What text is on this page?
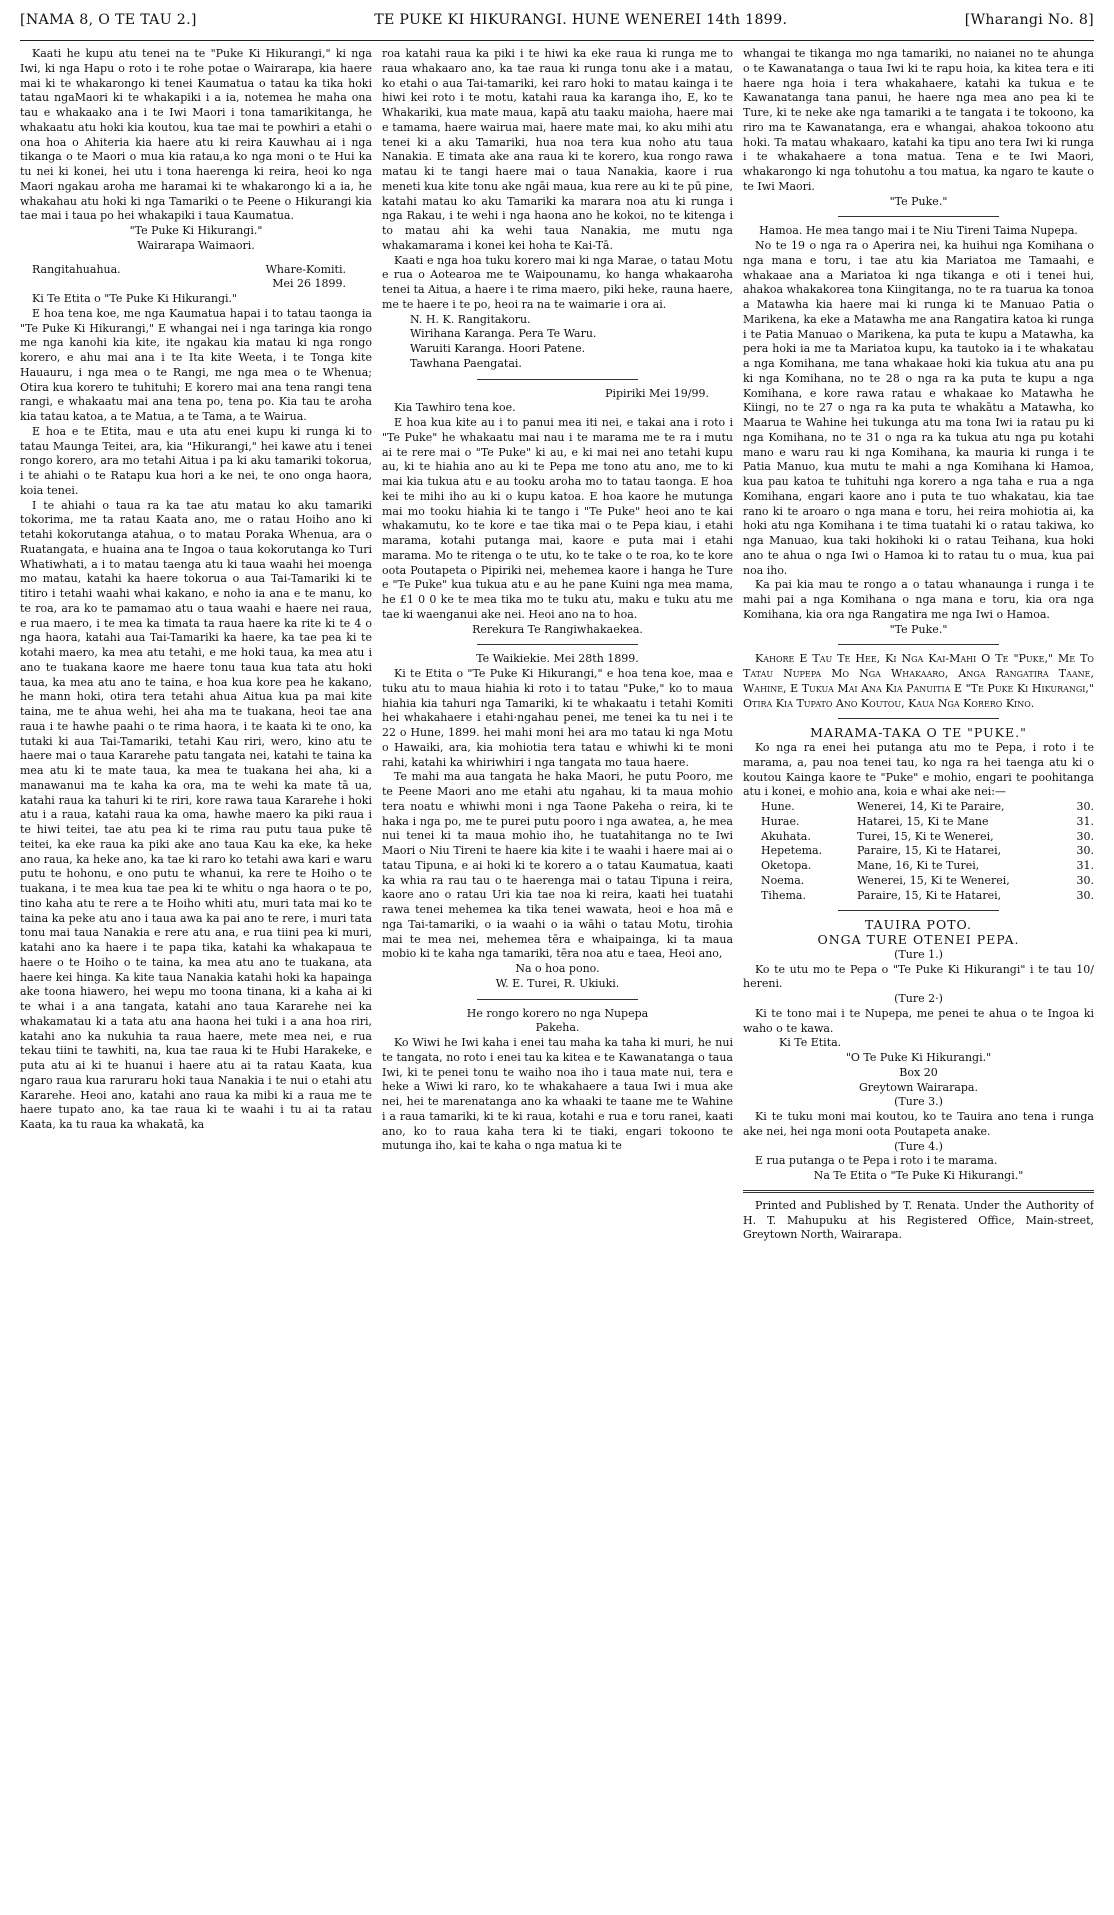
[NAMA 8, O TE TAU 2.]	TE PUKE KI HIKURANGI. HUNE WENEREI 14th 1899.	[Wharangi No. 8]

Kaati he kupu atu tenei na te "Puke Ki Hikurangi," ki nga Iwi, ki nga Hapu o roto i te rohe potae o Wairarapa, kia haere mai ki te whakarongo ki tenei Kaumatua o tatau ka tika hoki tatau ngaMaori ki te whakapiki i a ia, notemea he maha ona tau e whakaako ana i te Iwi Maori i tona tamarikitanga, he whakaatu atu hoki kia koutou, kua tae mai te powhiri a etahi o ona hoa o Ahiteria kia haere atu ki reira Kauwhau ai i nga tikanga o te Maori o mua kia ratau,a ko nga moni o te Hui ka tu nei ki konei, hei utu i tona haerenga ki reira, heoi ko nga Maori ngakau aroha me haramai ki te whakarongo ki a ia, he whakahau atu hoki ki nga Tamariki o te Peene o Hikurangi kia tae mai i taua po hei whakapiki i taua Kaumatua.

"Te Puke Ki Hikurangi."

Wairarapa Waimaori.

Rangitahuahua.	Whare-Komiti.

Mei 26 1899.

Ki Te Etita o "Te Puke Ki Hikurangi."

E hoa tena koe, me nga Kaumatua hapai i to tatau taonga ia "Te Puke Ki Hikurangi," E whangai nei i nga taringa kia rongo me nga kanohi kia kite, ite ngakau kia matau ki nga rongo korero, e ahu mai ana i te Ita kite Weeta, i te Tonga kite Hauauru, i nga mea o te Rangi, me nga mea o te Whenua; Otira kua korero te tuhituhi; E korero mai ana tena rangi tena rangi, e whakaatu mai ana tena po, tena po. Kia tau te aroha kia tatau katoa, a te Matua, a te Tama, a te Wairua.

E hoa e te Etita, mau e uta atu enei kupu ki runga ki to tatau Maunga Teitei, ara, kia "Hikurangi," hei kawe atu i tenei rongo korero, ara mo tetahi Aitua i pa ki aku tamariki tokorua, i te ahiahi o te Ratapu kua hori a ke nei, te ono onga haora, koia tenei.

I te ahiahi o taua ra ka tae atu matau ko aku tamariki tokorima, me ta ratau Kaata ano, me o ratau Hoiho ano ki tetahi kokorutanga atahua, o to matau Poraka Whenua, ara o Ruatangata, e huaina ana te Ingoa o taua kokorutanga ko Turi Whatiwhati, a i to matau taenga atu ki taua waahi hei moenga mo matau, katahi ka haere tokorua o aua Tai-Tamariki ki te titiro i tetahi waahi whai kakano, e noho ia ana e te manu, ko te roa, ara ko te pamamao atu o taua waahi e haere nei raua, e rua maero, i te mea ka timata ta raua haere ka rite ki te 4 o nga haora, katahi aua Tai-Tamariki ka haere, ka tae pea ki te kotahi maero, ka mea atu tetahi, e me hoki taua, ka mea atu i ano te tuakana kaore me haere tonu taua kua tata atu hoki taua, ka mea atu ano te taina, e hoa kua kore pea he kakano, he mann hoki, otira tera tetahi ahua Aitua kua pa mai kite taina, me te ahua wehi, hei aha ma te tuakana, heoi tae ana raua i te hawhe paahi o te rima haora, i te kaata ki te ono, ka tutaki ki aua Tai-Tamariki, tetahi Kau riri, wero, kino atu te haere mai o taua Kararehe patu tangata nei, katahi te taina ka mea atu ki te mate taua, ka mea te tuakana hei aha, ki a manawanui ma te kaha ka ora, ma te wehi ka mate tā ua, katahi raua ka tahuri ki te riri, kore rawa taua Kararehe i hoki atu i a raua, katahi raua ka oma, hawhe maero ka piki raua i te hiwi teitei, tae atu pea ki te rima rau putu taua puke tē teitei, ka eke raua ka piki ake ano taua Kau ka eke, ka heke ano raua, ka heke ano, ka tae ki raro ko tetahi awa kari e waru putu te hohonu, e ono putu te whanui, ka rere te Hoiho o te tuakana, i te mea kua tae pea ki te whitu o nga haora o te po, tino kaha atu te rere a te Hoiho whiti atu, muri tata mai ko te taina ka peke atu ano i taua awa ka pai ano te rere, i muri tata tonu mai taua Nanakia e rere atu ana, e rua tiini pea ki muri, katahi ano ka haere i te papa tika, katahi ka whakapaua te haere o te Hoiho o te taina, ka mea atu ano te tuakana, ata haere kei hinga. Ka kite taua Nanakia katahi hoki ka hapainga ake toona hiawero, hei wepu mo toona tinana, ki a kaha ai ki te whai i a ana tangata, katahi ano taua Kararehe nei ka whakamatau ki a tata atu ana haona hei tuki i a ana hoa riri, katahi ano ka nukuhia ta raua haere, mete mea nei, e rua tekau tiini te tawhiti, na, kua tae raua ki te Hubi Harakeke, e puta atu ai ki te huanui i haere atu ai ta ratau Kaata, kua ngaro raua kua raruraru hoki taua Nanakia i te nui o etahi atu Kararehe. Heoi ano, katahi ano raua ka mibi ki a raua me te haere tupato ano, ka tae raua ki te waahi i tu ai ta ratau Kaata, ka tu raua ka whakatā, ka

roa katahi raua ka piki i te hiwi ka eke raua ki runga me to raua whakaaro ano, ka tae raua ki runga tonu ake i a matau, ko etahi o aua Tai-tamariki, kei raro hoki to matau kainga i te hiwi kei roto i te motu, katahi raua ka karanga iho, E, ko te Whakariki, kua mate maua, kapā atu taaku maioha, haere mai e tamama, haere wairua mai, haere mate mai, ko aku mihi atu tenei ki a aku Tamariki, hua noa tera kua noho atu taua Nanakia. E timata ake ana raua ki te korero, kua rongo rawa matau ki te tangi haere mai o taua Nanakia, kaore i rua meneti kua kite tonu ake ngāi maua, kua rere au ki te pū pine, katahi matau ko aku Tamariki ka marara noa atu ki runga i nga Rakau, i te wehi i nga haona ano he kokoi, no te kitenga i to matau ahi ka wehi taua Nanakia, me mutu nga whakamarama i konei kei hoha te Kai-Tā.

Kaati e nga hoa tuku korero mai ki nga Marae, o tatau Motu e rua o Aotearoa me te Waipounamu, ko hanga whakaaroha tenei ta Aitua, a haere i te rima maero, piki heke, rauna haere, me te haere i te po, heoi ra na te waimarie i ora ai.

N. H. K. Rangitakoru.

Wirihana Karanga. Pera Te Waru.

Waruiti Karanga. Hoori Patene.

Tawhana Paengatai.

Pipiriki Mei 19/99.

Kia Tawhiro tena koe.

E hoa kua kite au i to panui mea iti nei, e takai ana i roto i "Te Puke" he whakaatu mai nau i te marama me te ra i mutu ai te rere mai o "Te Puke" ki au, e ki mai nei ano tetahi kupu au, ki te hiahia ano au ki te Pepa me tono atu ano, me to ki mai kia tukua atu e au tooku aroha mo to tatau taonga. E hoa kei te mihi iho au ki o kupu katoa. E hoa kaore he mutunga mai mo tooku hiahia ki te tango i "Te Puke" heoi ano te kai whakamutu, ko te kore e tae tika mai o te Pepa kiau, i etahi marama, kotahi putanga mai, kaore e puta mai i etahi marama. Mo te ritenga o te utu, ko te take o te roa, ko te kore oota Poutapeta o Pipiriki nei, mehemea kaore i hanga he Ture e "Te Puke" kua tukua atu e au he pane Kuini nga mea mama, he £1 0 0 ke te mea tika mo te tuku atu, maku e tuku atu me tae ki waenganui ake nei. Heoi ano na to hoa.

Rerekura Te Rangiwhakaekea.

Te Waikiekie. Mei 28th 1899.

Ki te Etita o "Te Puke Ki Hikurangi," e hoa tena koe, maa e tuku atu to maua hiahia ki roto i to tatau "Puke," ko to maua hiahia kia tahuri nga Tamariki, ki te whakaatu i tetahi Komiti hei whakahaere i etahi·ngahau penei, me tenei ka tu nei i te 22 o Hune, 1899. hei mahi moni hei ara mo tatau ki nga Motu o Hawaiki, ara, kia mohiotia tera tatau e whiwhi ki te moni rahi, katahi ka whiriwhiri i nga tangata mo taua haere.

Te mahi ma aua tangata he haka Maori, he putu Pooro, me te Peene Maori ano me etahi atu ngahau, ki ta maua mohio tera noatu e whiwhi moni i nga Taone Pakeha o reira, ki te haka i nga po, me te purei putu pooro i nga awatea, a, he mea nui tenei ki ta maua mohio iho, he tuatahitanga no te Iwi Maori o Niu Tireni te haere kia kite i te waahi i haere mai ai o tatau Tipuna, e ai hoki ki te korero a o tatau Kaumatua, kaati ka whia ra rau tau o te haerenga mai o tatau Tipuna i reira, kaore ano o ratau Uri kia tae noa ki reira, kaati hei tuatahi rawa tenei mehemea ka tika tenei wawata, heoi e hoa mā e nga Tai-tamariki, o ia waahi o ia wāhi o tatau Motu, tirohia mai te mea nei, mehemea tēra e whaipainga, ki ta maua mobio ki te kaha nga tamariki, tēra noa atu e taea, Heoi ano,

Na o hoa pono.

W. E. Turei, R. Ukiuki.

He rongo korero no nga Nupepa

Pakeha.

Ko Wiwi he Iwi kaha i enei tau maha ka taha ki muri, he nui te tangata, no roto i enei tau ka kitea e te Kawanatanga o taua Iwi, ki te penei tonu te waiho noa iho i taua mate nui, tera e heke a Wiwi ki raro, ko te whakahaere a taua Iwi i mua ake nei, hei te marenatanga ano ka whaaki te taane me te Wahine i a raua tamariki, ki te ki raua, kotahi e rua e toru ranei, kaati ano, ko to raua kaha tera ki te tiaki, engari tokoono te mutunga iho, kai te kaha o nga matua ki te

whangai te tikanga mo nga tamariki, no naianei no te ahunga o te Kawanatanga o taua Iwi ki te rapu hoia, ka kitea tera e iti haere nga hoia i tera whakahaere, katahi ka tukua e te Kawanatanga tana panui, he haere nga mea ano pea ki te Ture, ki te neke ake nga tamariki a te tangata i te tokoono, ka riro ma te Kawanatanga, era e whangai, ahakoa tokoono atu hoki. Ta matau whakaaro, katahi ka tipu ano tera Iwi ki runga i te whakahaere a tona matua. Tena e te Iwi Maori, whakarongo ki nga tohutohu a tou matua, ka ngaro te kaute o te Iwi Maori.

"Te Puke."

Hamoa. He mea tango mai i te Niu Tireni Taima Nupepa.

No te 19 o nga ra o Aperira nei, ka huihui nga Komihana o nga mana e toru, i tae atu kia Mariatoa me Tamaahi, e whakaae ana a Mariatoa ki nga tikanga e oti i tenei hui, ahakoa whakakorea tona Kiingitanga, no te ra tuarua ka tonoa a Matawha kia haere mai ki runga ki te Manuao Patia o Marikena, ka eke a Matawha me ana Rangatira katoa ki runga i te Patia Manuao o Marikena, ka puta te kupu a Matawha, ka pera hoki ia me ta Mariatoa kupu, ka tautoko ia i te whakatau a nga Komihana, me tana whakaae hoki kia tukua atu ana pu ki nga Komihana, no te 28 o nga ra ka puta te kupu a nga Komihana, e kore rawa ratau e whakaae ko Matawha he Kiingi, no te 27 o nga ra ka puta te whakātu a Matawha, ko Maarua te Wahine hei tukunga atu ma tona Iwi ia ratau pu ki nga Komihana, no te 31 o nga ra ka tukua atu nga pu kotahi mano e waru rau ki nga Komihana, ka mauria ki runga i te Patia Manuo, kua mutu te mahi a nga Komihana ki Hamoa, kua pau katoa te tuhituhi nga korero a nga taha e rua a nga Komihana, engari kaore ano i puta te tuo whakatau, kia tae rano ki te aroaro o nga mana e toru, hei reira mohiotia ai, ka hoki atu nga Komihana i te tima tuatahi ki o ratau takiwa, ko nga Manuao, kua taki hokihoki ki o ratau Teihana, kua hoki ano te ahua o nga Iwi o Hamoa ki to ratau tu o mua, kua pai noa iho.

Ka pai kia mau te rongo a o tatau whanaunga i runga i te mahi pai a nga Komihana o nga mana e toru, kia ora nga Komihana, kia ora nga Rangatira me nga Iwi o Hamoa.

"Te Puke."

Kahore E Tau Te Hee, Ki Nga Kai-Mahi O Te "Puke," Me To Tatau Nupepa Mo Nga Whakaaro, Anga Rangatira Taane, Wahine, E Tukua Mai Ana Kia Panuitia E "Te Puke Ki Hikurangi," Otira Kia Tupato Ano Koutou, Kaua Nga Korero Kino.

MARAMA-TAKA O TE "PUKE."

Ko nga ra enei hei putanga atu mo te Pepa, i roto i te marama, a, pau noa tenei tau, ko nga ra hei taenga atu ki o koutou Kainga kaore te "Puke" e mohio, engari te poohitanga atu i konei, e mohio ana, koia e whai ake nei:—

Hune.	Wenerei, 14, Ki te Paraire,	30.
Hurae.	Hatarei, 15, Ki te Mane	31.
Akuhata.	Turei, 15, Ki te Wenerei,	30.
Hepetema.	Paraire, 15, Ki te Hatarei,	30.
Oketopa.	Mane, 16, Ki te Turei,	31.
Noema.	Wenerei, 15, Ki te Wenerei,	30.
Tihema.	Paraire, 15, Ki te Hatarei,	30.

TAUIRA POTO.

ONGA TURE OTENEI PEPA.

(Ture 1.)

Ko te utu mo te Pepa o "Te Puke Ki Hikurangi" i te tau 10/ hereni.

(Ture 2·)

Ki te tono mai i te Nupepa, me penei te ahua o te Ingoa ki waho o te kawa.

Ki Te Etita.

"O Te Puke Ki Hikurangi."

Box 20

Greytown Wairarapa.

(Ture 3.)

Ki te tuku moni mai koutou, ko te Tauira ano tena i runga ake nei, hei nga moni oota Poutapeta anake.

(Ture 4.)

E rua putanga o te Pepa i roto i te marama.

Na Te Etita o "Te Puke Ki Hikurangi."

Printed and Published by T. Renata. Under the Authority of H. T. Mahupuku at his Registered Office, Main-street, Greytown North, Wairarapa.
